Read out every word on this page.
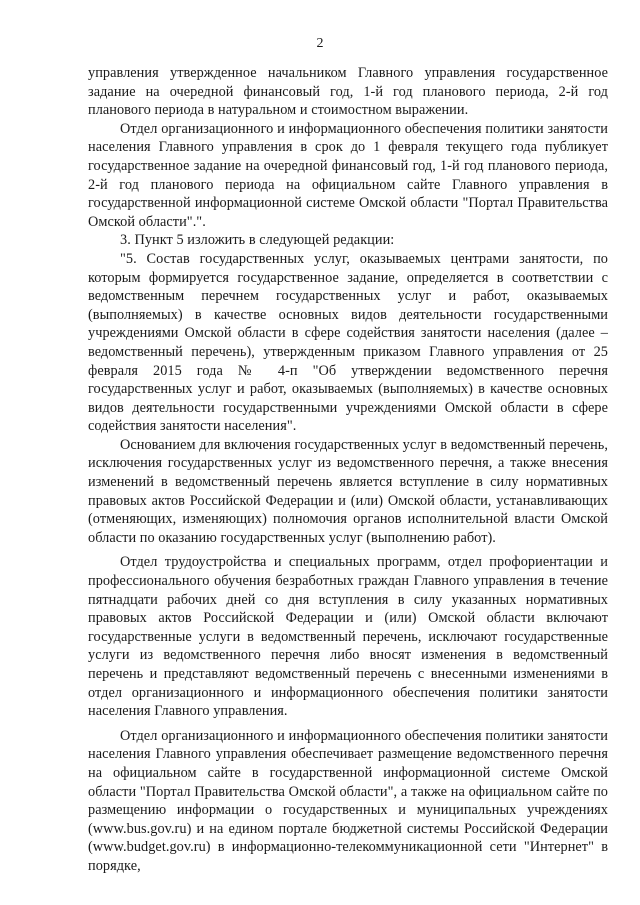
2

управления утвержденное начальником Главного управления государственное задание на очередной финансовый год, 1-й год планового периода, 2-й год планового периода в натуральном и стоимостном выражении.

Отдел организационного и информационного обеспечения политики занятости населения Главного управления в срок до 1 февраля текущего года публикует государственное задание на очередной финансовый год, 1-й год планового периода, 2-й год планового периода на официальном сайте Главного управления в государственной информационной системе Омской области "Портал Правительства Омской области".".

3. Пункт 5 изложить в следующей редакции:

"5. Состав государственных услуг, оказываемых центрами занятости, по которым формируется государственное задание, определяется в соответствии с ведомственным перечнем государственных услуг и работ, оказываемых (выполняемых) в качестве основных видов деятельности государственными учреждениями Омской области в сфере содействия занятости населения (далее – ведомственный перечень), утвержденным приказом Главного управления от 25 февраля 2015 года № 4-п "Об утверждении ведомственного перечня государственных услуг и работ, оказываемых (выполняемых) в качестве основных видов деятельности государственными учреждениями Омской области в сфере содействия занятости населения".

Основанием для включения государственных услуг в ведомственный перечень, исключения государственных услуг из ведомственного перечня, а также внесения изменений в ведомственный перечень является вступление в силу нормативных правовых актов Российской Федерации и (или) Омской области, устанавливающих (отменяющих, изменяющих) полномочия органов исполнительной власти Омской области по оказанию государственных услуг (выполнению работ).

Отдел трудоустройства и специальных программ, отдел профориентации и профессионального обучения безработных граждан Главного управления в течение пятнадцати рабочих дней со дня вступления в силу указанных нормативных правовых актов Российской Федерации и (или) Омской области включают государственные услуги в ведомственный перечень, исключают государственные услуги из ведомственного перечня либо вносят изменения в ведомственный перечень и представляют ведомственный перечень с внесенными изменениями в отдел организационного и информационного обеспечения политики занятости населения Главного управления.

Отдел организационного и информационного обеспечения политики занятости населения Главного управления обеспечивает размещение ведомственного перечня на официальном сайте в государственной информационной системе Омской области "Портал Правительства Омской области", а также на официальном сайте по размещению информации о государственных и муниципальных учреждениях (www.bus.gov.ru) и на едином портале бюджетной системы Российской Федерации (www.budget.gov.ru) в информационно-телекоммуникационной сети "Интернет" в порядке,
